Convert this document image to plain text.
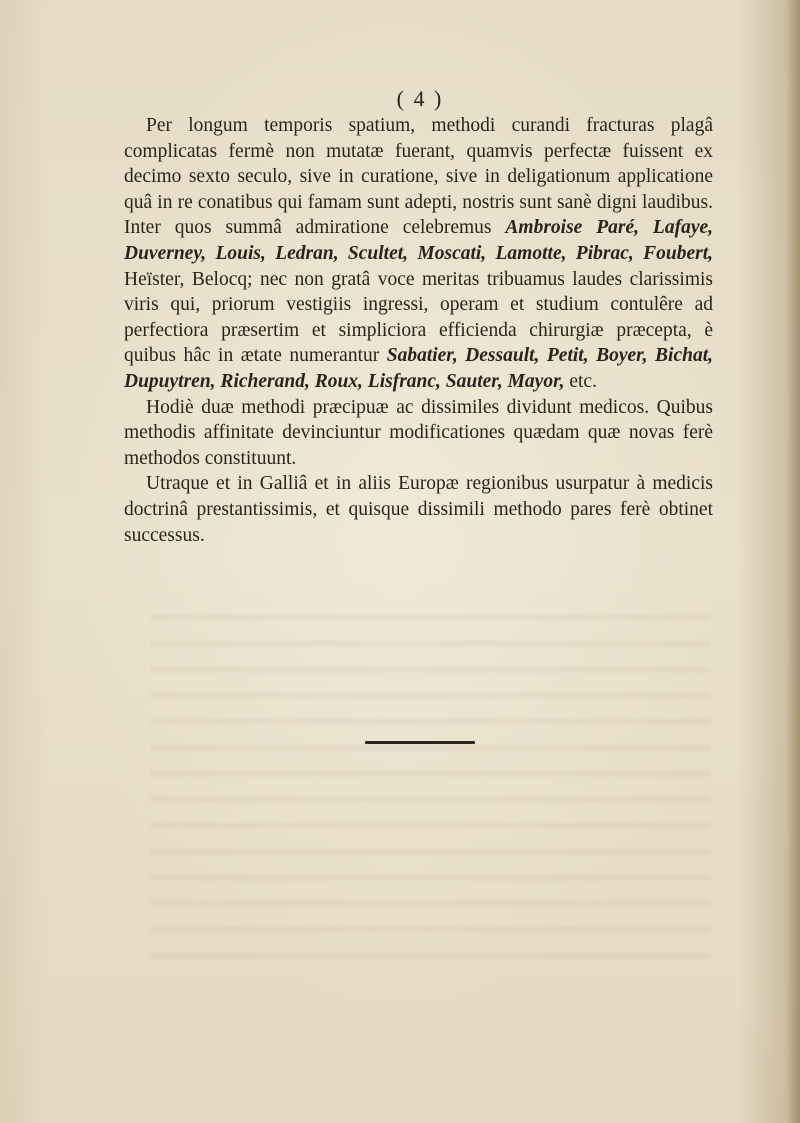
( 4 )

Per longum temporis spatium, methodi curandi fracturas plagâ complicatas fermè non mutatæ fuerant, quamvis perfectæ fuissent ex decimo sexto seculo, sive in curatione, sive in deligationum applicatione quâ in re conatibus qui famam sunt adepti, nostris sunt sanè digni laudibus. Inter quos summâ admiratione celebremus Ambroise Paré, Lafaye, Duverney, Louis, Ledran, Scultet, Moscati, Lamotte, Pibrac, Foubert, Heïster, Belocq; nec non gratâ voce meritas tribuamus laudes clarissimis viris qui, priorum vestigiis ingressi, operam et studium contulêre ad perfectiora præsertim et simpliciora efficienda chirurgiæ præcepta, è quibus hâc in ætate numerantur Sabatier, Dessault, Petit, Boyer, Bichat, Dupuytren, Richerand, Roux, Lisfranc, Sauter, Mayor, etc.

Hodiè duæ methodi præcipuæ ac dissimiles dividunt medicos. Quibus methodis affinitate devinciuntur modificationes quædam quæ novas ferè methodos constituunt.

Utraque et in Galliâ et in aliis Europæ regionibus usurpatur à medicis doctrinâ prestantissimis, et quisque dissimili methodo pares ferè obtinet successus.
